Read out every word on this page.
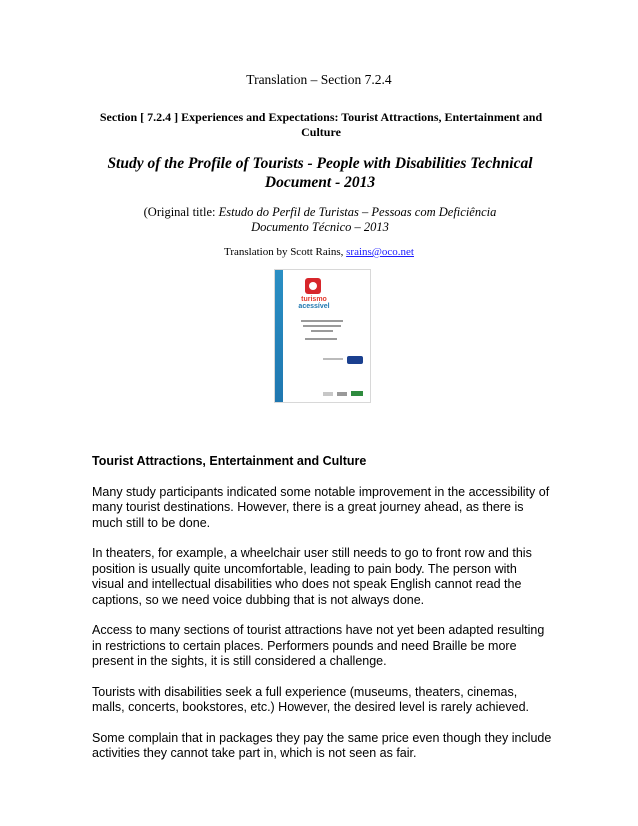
Translation – Section 7.2.4
Section [ 7.2.4 ] Experiences and Expectations: Tourist Attractions, Entertainment and Culture
Study of the Profile of Tourists - People with Disabilities Technical Document - 2013
(Original title: Estudo do Perfil de Turistas – Pessoas com Deficiência Documento Técnico – 2013
Translation by Scott Rains, srains@oco.net
turismo
acessível
Tourist Attractions, Entertainment and Culture

Many study participants indicated some notable improvement in the accessibility of many tourist destinations. However, there is a great journey ahead, as there is much still to be done.

In theaters, for example, a wheelchair user still needs to go to front row and this position is usually quite uncomfortable, leading to pain body. The person with visual and intellectual disabilities who does not speak English cannot read the captions, so we need voice dubbing that is not always done.

Access to many sections of tourist attractions have not yet been adapted resulting in restrictions to certain places. Performers pounds and need Braille be more present in the sights, it is still considered a challenge.

Tourists with disabilities seek a full experience (museums, theaters, cinemas, malls, concerts, bookstores, etc.) However, the desired level is rarely achieved.

Some complain that in packages they pay the same price even though they include activities they cannot take part in, which is not seen as fair.
